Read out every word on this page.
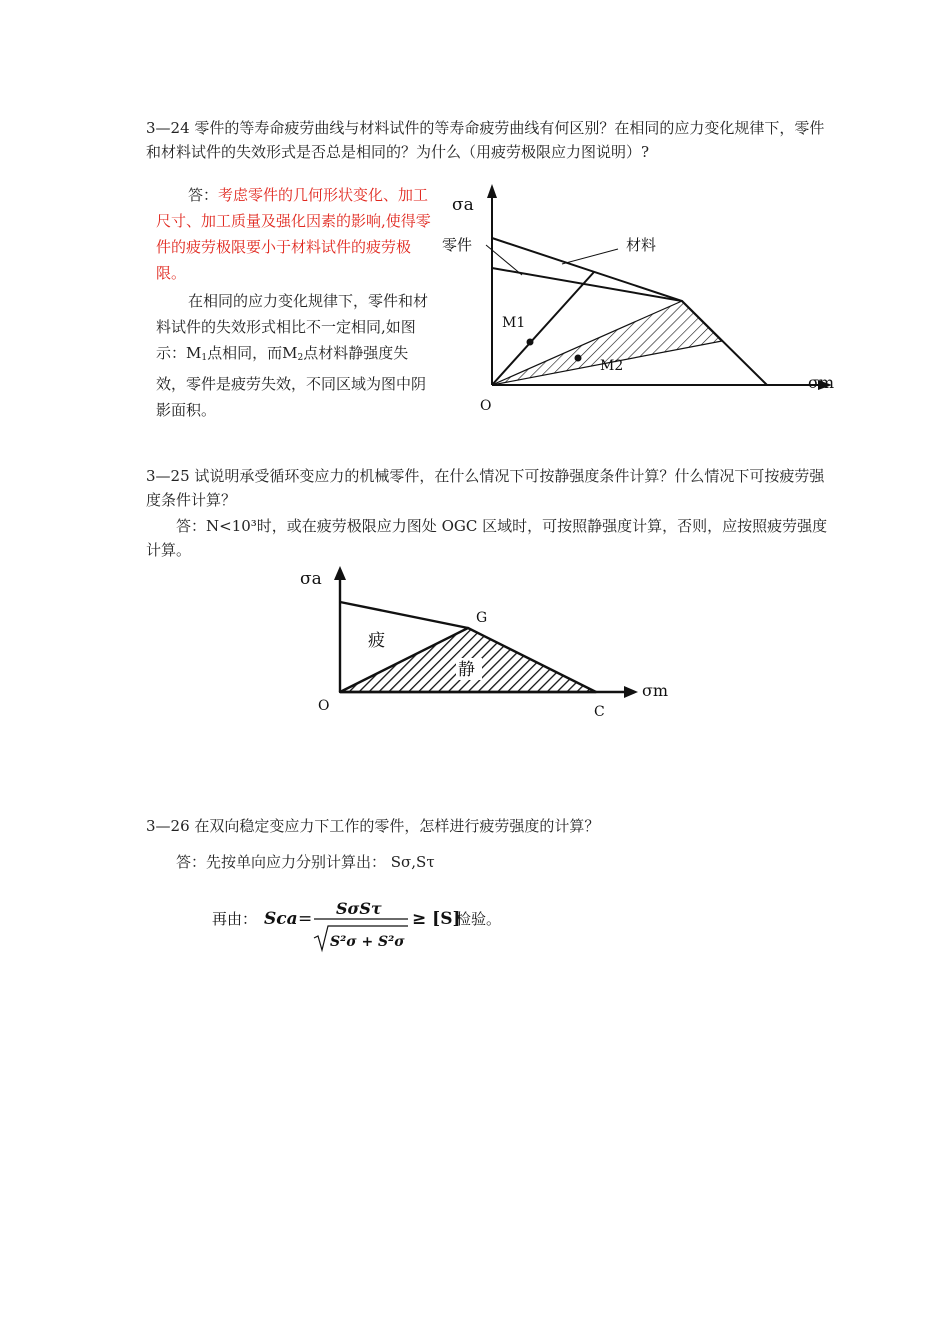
3—24 零件的等寿命疲劳曲线与材料试件的等寿命疲劳曲线有何区别？在相同的应力变化规律下，零件和材料试件的失效形式是否总是相同的？为什么（用疲劳极限应力图说明）?
答：考虑零件的几何形状变化、加工尺寸、加工质量及强化因素的影响,使得零件的疲劳极限要小于材料试件的疲劳极限。
在相同的应力变化规律下，零件和材料试件的失效形式相比不一定相同,如图示：$M_1$点相同，而$M_2$点材料静强度失效，零件是疲劳失效，不同区域为图中阴影面积。
σa
σm
O
零件	材料
M1
M2
3—25 试说明承受循环变应力的机械零件，在什么情况下可按静强度条件计算？什么情况下可按疲劳强度条件计算？
答：N<10³时，或在疲劳极限应力图处 OGC 区域时，可按照静强度计算，否则，应按照疲劳强度计算。
静
疲
σa
σm
O
G
C
3—26 在双向稳定变应力下工作的零件，怎样进行疲劳强度的计算？
答：先按单向应力分别计算出： Sσ,Sτ
再由： Sca =
SσSτ
S²σ + S²σ
≥ [S]
检验。
